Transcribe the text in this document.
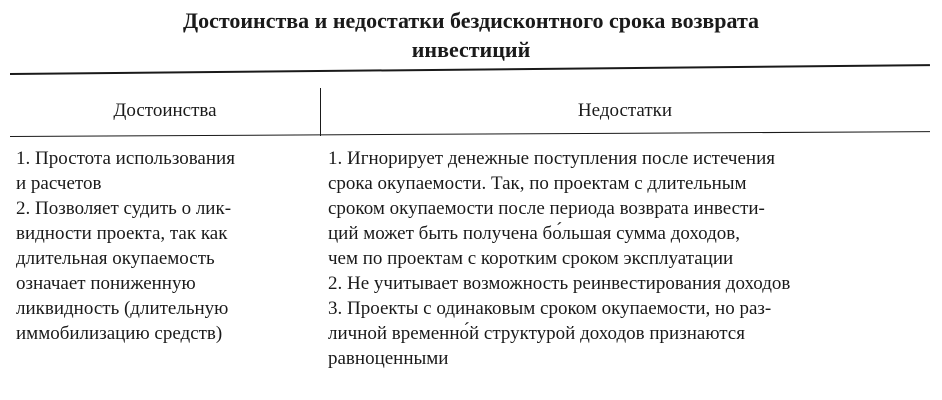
Достоинства и недостатки бездисконтного срока возврата
инвестиций
Достоинства	Недостатки
1. Простота использования
и расчетов
2. Позволяет судить о лик-
видности проекта, так как
длительная окупаемость
означает пониженную
ликвидность (длительную
иммобилизацию средств)
1. Игнорирует денежные поступления после истечения
срока окупаемости. Так, по проектам с длительным
сроком окупаемости после периода возврата инвести-
ций может быть получена бо́льшая сумма доходов,
чем по проектам с коротким сроком эксплуатации
2. Не учитывает возможность реинвестирования доходов
3. Проекты с одинаковым сроком окупаемости, но раз-
личной временно́й структурой доходов признаются
равноценными
